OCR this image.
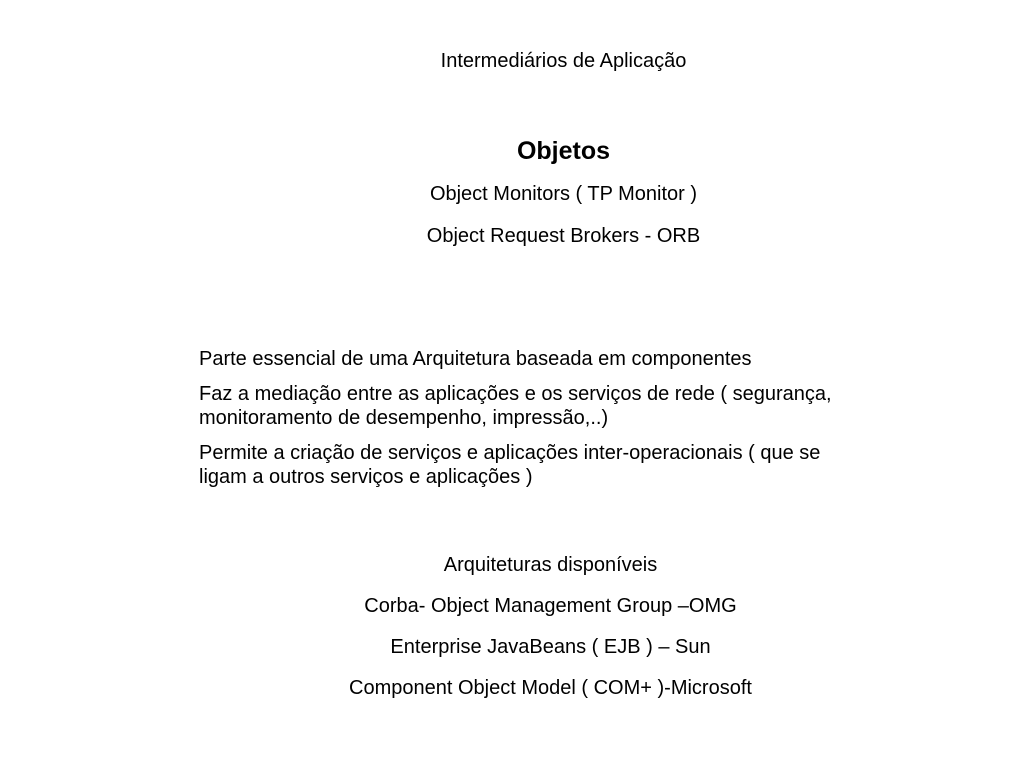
Intermediários de Aplicação
Objetos
Object Monitors ( TP Monitor )
Object Request Brokers - ORB

Parte essencial de uma Arquitetura baseada em componentes

Faz a mediação entre as aplicações e os serviços de rede ( segurança, monitoramento de desempenho, impressão,..)

Permite a criação de serviços e aplicações inter-operacionais ( que se ligam a outros serviços e aplicações )

Arquiteturas disponíveis
Corba- Object Management Group –OMG
Enterprise JavaBeans ( EJB ) – Sun
Component Object Model ( COM+ )-Microsoft
